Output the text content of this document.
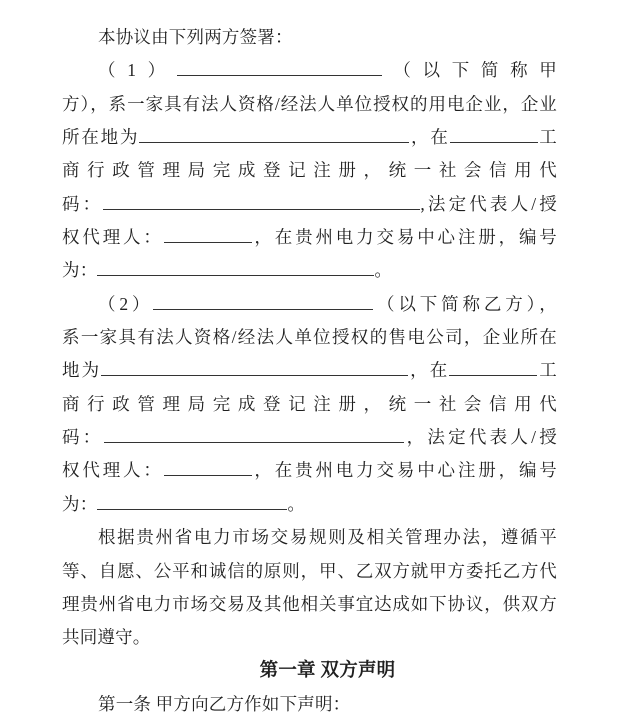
本协议由下列两方签署：
（1）	（以下简称甲
方），系一家具有法人资格/经法人单位授权的用电企业，企业
所在地为	，在	工
商行政管理局完成登记注册，统一社会信用代
码：	,法定代表人/授
权代理人：	，在贵州电力交易中心注册，编号
为：	。
（2）	（以下简称乙方），
系一家具有法人资格/经法人单位授权的售电公司，企业所在
地为	，在	工
商行政管理局完成登记注册，统一社会信用代
码：	，法定代表人/授
权代理人：	，在贵州电力交易中心注册，编号
为：	。
根据贵州省电力市场交易规则及相关管理办法，遵循平
等、自愿、公平和诚信的原则，甲、乙双方就甲方委托乙方代
理贵州省电力市场交易及其他相关事宜达成如下协议，供双方
共同遵守。
第一章 双方声明
第一条 甲方向乙方作如下声明：
